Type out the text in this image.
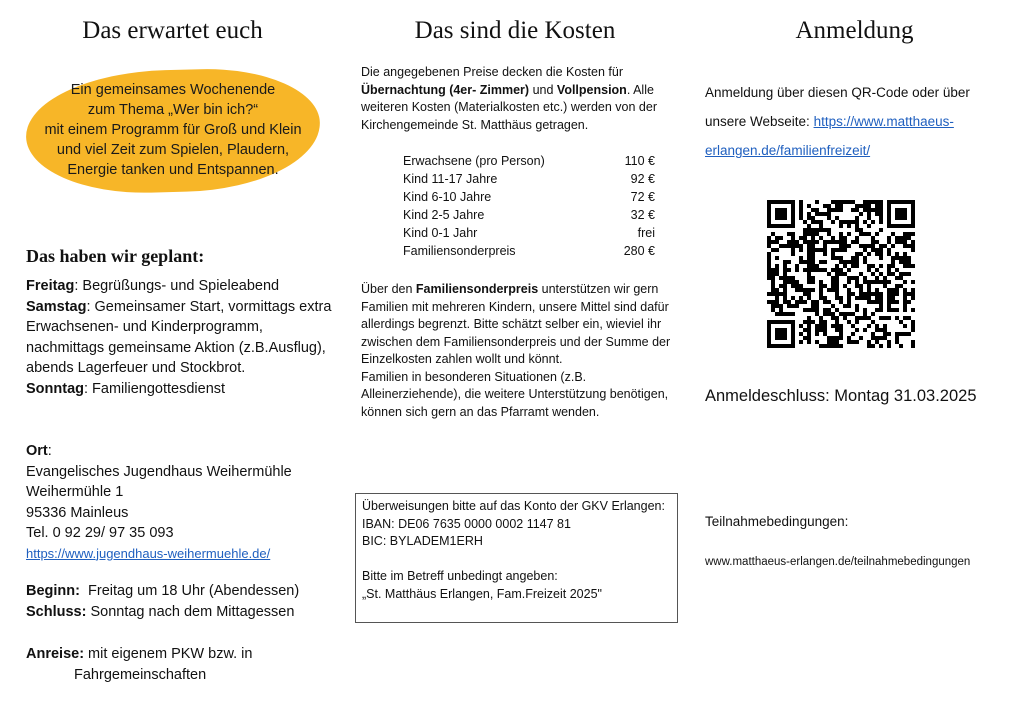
Das erwartet euch
Ein gemeinsames Wochenende
zum Thema „Wer bin ich?“
mit einem Programm für Groß und Klein
und viel Zeit zum Spielen, Plaudern,
Energie tanken und Entspannen.
Das haben wir geplant:
Freitag: Begrüßungs- und Spieleabend
Samstag: Gemeinsamer Start, vormittags extra Erwachsenen- und Kinderprogramm, nachmittags gemeinsame Aktion (z.B.Ausflug), abends Lagerfeuer und Stockbrot.
Sonntag: Familiengottesdienst
Ort:
Evangelisches Jugendhaus Weihermühle
Weihermühle 1
95336 Mainleus
Tel. 0 92 29/ 97 35 093
https://www.jugendhaus-weihermuehle.de/
Beginn:  Freitag um 18 Uhr (Abendessen)
Schluss: Sonntag nach dem Mittagessen
Anreise: mit eigenem PKW bzw. in
Fahrgemeinschaften
Das sind die Kosten

Die angegebenen Preise decken die Kosten für Übernachtung (4er- Zimmer) und Vollpension. Alle weiteren Kosten (Materialkosten etc.) werden von der Kirchengemeinde St. Matthäus getragen.

Erwachsene (pro Person)	110 €
Kind 11-17 Jahre	92 €
Kind 6-10 Jahre	72 €
Kind 2-5 Jahre	32 €
Kind 0-1 Jahr	frei
Familiensonderpreis	280 €

Über den Familiensonderpreis unterstützen wir gern Familien mit mehreren Kindern, unsere Mittel sind dafür allerdings begrenzt. Bitte schätzt selber ein, wieviel ihr zwischen dem Familiensonderpreis und der Summe der Einzelkosten zahlen wollt und könnt.

Familien in besonderen Situationen (z.B. Alleinerziehende), die weitere Unterstützung benötigen, können sich gern an das Pfarramt wenden.

Überweisungen bitte auf das Konto der GKV Erlangen:
IBAN: DE06 7635 0000 0002 1147 81
BIC: BYLADEM1ERH
Bitte im Betreff unbedingt angeben:
„St. Matthäus Erlangen, Fam.Freizeit 2025"
Anmeldung

Anmeldung über diesen QR-Code oder über unsere Webseite: https://www.matthaeus-erlangen.de/familienfreizeit/

Anmeldeschluss: Montag 31.03.2025
Teilnahmebedingungen:
www.matthaeus-erlangen.de/teilnahmebedingungen
